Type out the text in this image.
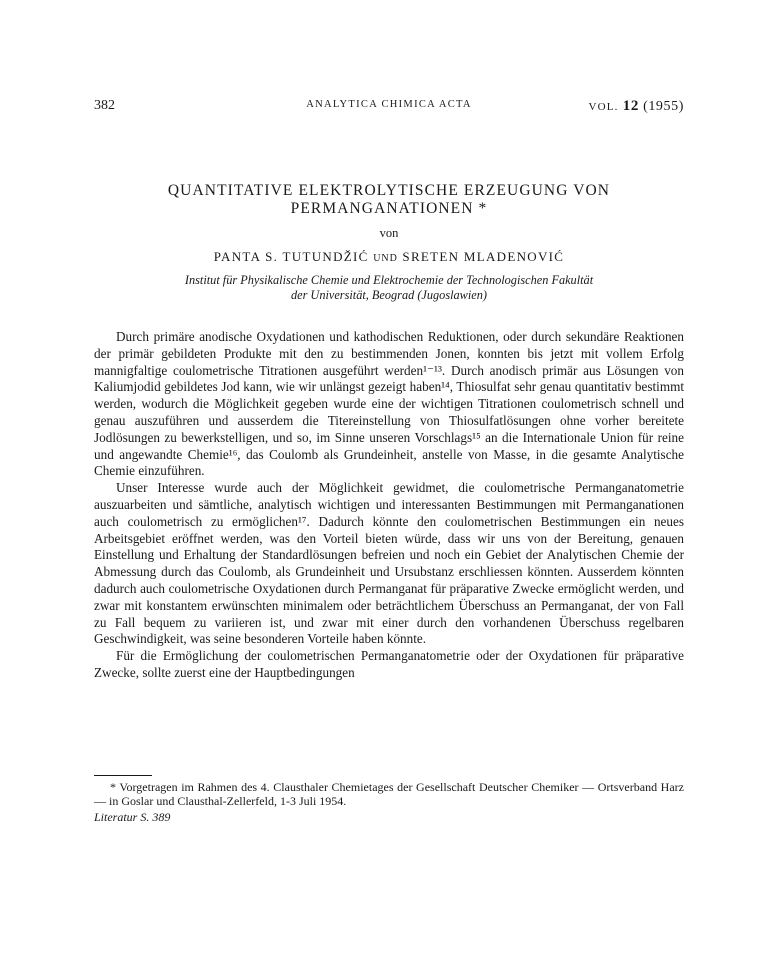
382	ANALYTICA CHIMICA ACTA	VOL. 12 (1955)
QUANTITATIVE ELEKTROLYTISCHE ERZEUGUNG VON
PERMANGANATIONEN *
von
PANTA S. TUTUNDŽIĆ UND SRETEN MLADENOVIĆ
Institut für Physikalische Chemie und Elektrochemie der Technologischen Fakultät
der Universität, Beograd (Jugoslawien)

Durch primäre anodische Oxydationen und kathodischen Reduktionen, oder durch sekundäre Reaktionen der primär gebildeten Produkte mit den zu bestimmenden Jonen, konnten bis jetzt mit vollem Erfolg mannigfaltige coulometrische Titrationen ausgeführt werden¹⁻¹³. Durch anodisch primär aus Lösungen von Kaliumjodid gebildetes Jod kann, wie wir unlängst gezeigt haben¹⁴, Thiosulfat sehr genau quantitativ bestimmt werden, wodurch die Möglichkeit gegeben wurde eine der wichtigen Titrationen coulometrisch schnell und genau auszuführen und ausserdem die Titereinstellung von Thiosulfatlösungen ohne vorher bereitete Jodlösungen zu bewerkstelligen, und so, im Sinne unseren Vorschlags¹⁵ an die Internationale Union für reine und angewandte Chemie¹⁶, das Coulomb als Grundeinheit, anstelle von Masse, in die gesamte Analytische Chemie einzuführen.

Unser Interesse wurde auch der Möglichkeit gewidmet, die coulometrische Permanganatometrie auszuarbeiten und sämtliche, analytisch wichtigen und interessanten Bestimmungen mit Permanganationen auch coulometrisch zu ermöglichen¹⁷. Dadurch könnte den coulometrischen Bestimmungen ein neues Arbeitsgebiet eröffnet werden, was den Vorteil bieten würde, dass wir uns von der Bereitung, genauen Einstellung und Erhaltung der Standardlösungen befreien und noch ein Gebiet der Analytischen Chemie der Abmessung durch das Coulomb, als Grundeinheit und Ursubstanz erschliessen könnten. Ausserdem könnten dadurch auch coulometrische Oxydationen durch Permanganat für präparative Zwecke ermöglicht werden, und zwar mit konstantem erwünschten minimalem oder beträchtlichem Überschuss an Permanganat, der von Fall zu Fall bequem zu variieren ist, und zwar mit einer durch den vorhandenen Überschuss regelbaren Geschwindigkeit, was seine besonderen Vorteile haben könnte.

Für die Ermöglichung der coulometrischen Permanganatometrie oder der Oxydationen für präparative Zwecke, sollte zuerst eine der Hauptbedingungen

* Vorgetragen im Rahmen des 4. Clausthaler Chemietages der Gesellschaft Deutscher Chemiker — Ortsverband Harz — in Goslar und Clausthal-Zellerfeld, 1-3 Juli 1954.

Literatur S. 389
